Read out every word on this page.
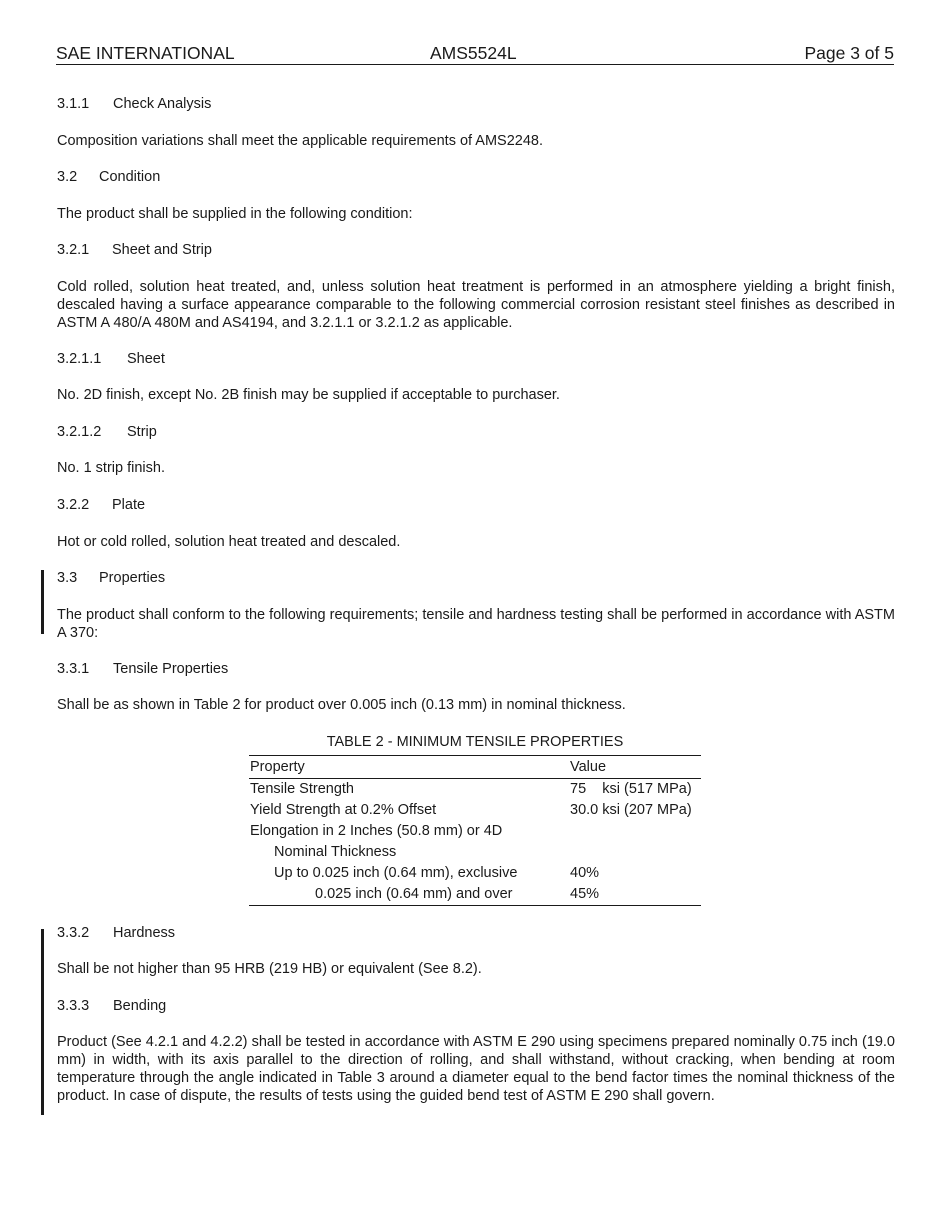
SAE INTERNATIONAL	AMS5524L	Page 3 of 5
3.1.1 Check Analysis
Composition variations shall meet the applicable requirements of AMS2248.
3.2 Condition
The product shall be supplied in the following condition:
3.2.1 Sheet and Strip
Cold rolled, solution heat treated, and, unless solution heat treatment is performed in an atmosphere yielding a bright finish, descaled having a surface appearance comparable to the following commercial corrosion resistant steel finishes as described in ASTM A 480/A 480M and AS4194, and 3.2.1.1 or 3.2.1.2 as applicable.
3.2.1.1 Sheet
No. 2D finish, except No. 2B finish may be supplied if acceptable to purchaser.
3.2.1.2 Strip
No. 1 strip finish.
3.2.2 Plate
Hot or cold rolled, solution heat treated and descaled.
3.3 Properties
The product shall conform to the following requirements; tensile and hardness testing shall be performed in accordance with ASTM A 370:
3.3.1 Tensile Properties
Shall be as shown in Table 2 for product over 0.005 inch (0.13 mm) in nominal thickness.
TABLE 2 - MINIMUM TENSILE PROPERTIES
Property	Value
Tensile Strength	75    ksi (517 MPa)
Yield Strength at 0.2% Offset	30.0 ksi (207 MPa)
Elongation in 2 Inches (50.8 mm) or 4D
Nominal Thickness
Up to 0.025 inch (0.64 mm), exclusive	40%
0.025 inch (0.64 mm) and over	45%
3.3.2 Hardness
Shall be not higher than 95 HRB (219 HB) or equivalent (See 8.2).
3.3.3 Bending
Product (See 4.2.1 and 4.2.2) shall be tested in accordance with ASTM E 290 using specimens prepared nominally 0.75 inch (19.0 mm) in width, with its axis parallel to the direction of rolling, and shall withstand, without cracking, when bending at room temperature through the angle indicated in Table 3 around a diameter equal to the bend factor times the nominal thickness of the product. In case of dispute, the results of tests using the guided bend test of ASTM E 290 shall govern.
